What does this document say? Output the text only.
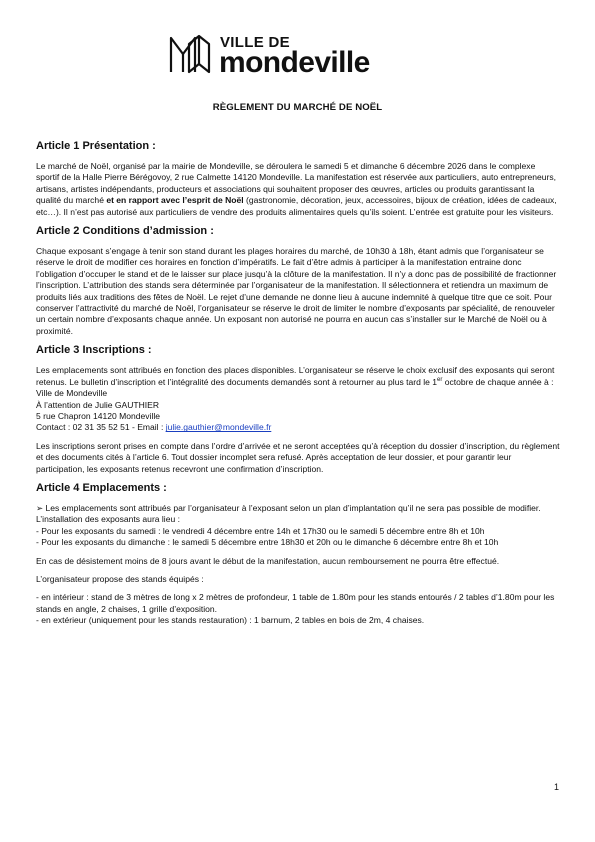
VILLE DE
mondeville
RÈGLEMENT DU MARCHÉ DE NOËL
Article 1 Présentation :

Le marché de Noël, organisé par la mairie de Mondeville, se déroulera le samedi 5 et dimanche 6 décembre 2026 dans le complexe sportif de la Halle Pierre Bérégovoy, 2 rue Calmette 14120 Mondeville. La manifestation est réservée aux particuliers, auto entrepreneurs, artisans, artistes indépendants, producteurs et associations qui souhaitent proposer des œuvres, articles ou produits garantissant la qualité du marché et en rapport avec l’esprit de Noël (gastronomie, décoration, jeux, accessoires, bijoux de création, idées de cadeaux, etc…). Il n’est pas autorisé aux particuliers de vendre des produits alimentaires quels qu’ils soient. L’entrée est gratuite pour les visiteurs.

Article 2 Conditions d’admission :

Chaque exposant s’engage à tenir son stand durant les plages horaires du marché, de 10h30 à 18h, étant admis que l’organisateur se réserve le droit de modifier ces horaires en fonction d’impératifs. Le fait d’être admis à participer à la manifestation entraine donc l’obligation d’occuper le stand et de le laisser sur place jusqu’à la clôture de la manifestation. Il n’y a donc pas de possibilité de fractionner l’inscription. L’attribution des stands sera déterminée par l’organisateur de la manifestation. Il sélectionnera et retiendra un maximum de produits liés aux traditions des fêtes de Noël. Le rejet d’une demande ne donne lieu à aucune indemnité à quelque titre que ce soit. Pour conserver l’attractivité du marché de Noël, l’organisateur se réserve le droit de limiter le nombre d’exposants par spécialité, de renouveler un certain nombre d’exposants chaque année. Un exposant non autorisé ne pourra en aucun cas s’installer sur le Marché de Noël ou à proximité.

Article 3 Inscriptions :

Les emplacements sont attribués en fonction des places disponibles. L’organisateur se réserve le choix exclusif des exposants qui seront retenus. Le bulletin d’inscription et l’intégralité des documents demandés sont à retourner au plus tard le 1er octobre de chaque année à :
Ville de Mondeville
À l’attention de Julie GAUTHIER
5 rue Chapron 14120 Mondeville
Contact : 02 31 35 52 51 - Email : julie.gauthier@mondeville.fr

Les inscriptions seront prises en compte dans l’ordre d’arrivée et ne seront acceptées qu’à réception du dossier d’inscription, du règlement et des documents cités à l’article 6. Tout dossier incomplet sera refusé. Après acceptation de leur dossier, et pour garantir leur participation, les exposants retenus recevront une confirmation d’inscription.

Article 4 Emplacements :

➢ Les emplacements sont attribués par l’organisateur à l’exposant selon un plan d’implantation qu’il ne sera pas possible de modifier. L’installation des exposants aura lieu :
- Pour les exposants du samedi : le vendredi 4 décembre entre 14h et 17h30 ou le samedi 5 décembre entre 8h et 10h
- Pour les exposants du dimanche : le samedi 5 décembre entre 18h30 et 20h ou le dimanche 6 décembre entre 8h et 10h

En cas de désistement moins de 8 jours avant le début de la manifestation, aucun remboursement ne pourra être effectué.

L’organisateur propose des stands équipés :

- en intérieur : stand de 3 mètres de long x 2 mètres de profondeur, 1 table de 1.80m pour les stands entourés / 2 tables d’1.80m pour les stands en angle, 2 chaises, 1 grille d’exposition.
- en extérieur (uniquement pour les stands restauration) : 1 barnum, 2 tables en bois de 2m, 4 chaises.

1
